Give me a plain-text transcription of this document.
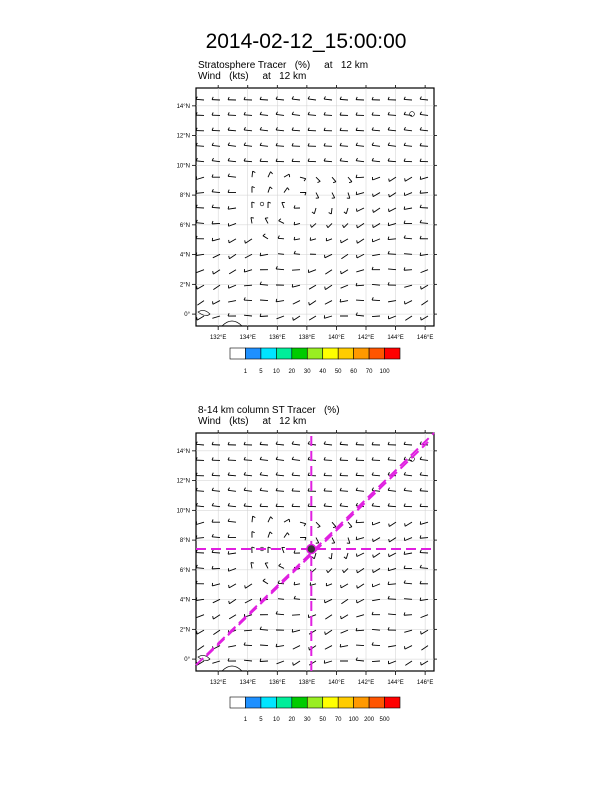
2014-02-12_15:00:00
Stratosphere Tracer   (%)     at   12 km
Wind   (kts)     at   12 km
8-14 km column ST Tracer   (%)
Wind   (kts)     at   12 km
132°E 134°E 136°E 138°E 140°E 142°E 144°E 146°E
0°
2°N
4°N
6°N
8°N
10°N
12°N
14°N
1 5 10 20 30 40 50 60 70 100
132°E 134°E 136°E 138°E 140°E 142°E 144°E 146°E
0°
2°N
4°N
6°N
8°N
10°N
12°N
14°N
1 5 10 20 30 50 70 100 200 500
